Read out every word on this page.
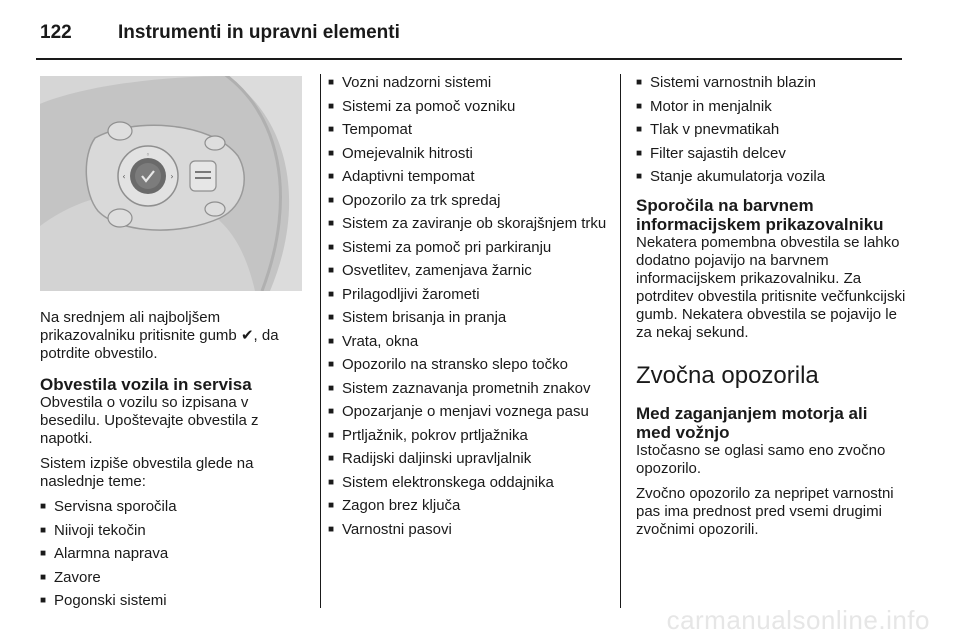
122	Instrumenti in upravni elementi
◦
‹	›

Na srednjem ali najboljšem prikazovalniku pritisnite gumb ✔, da potrdite obvestilo.

Obvestila vozila in servisa

Obvestila o vozilu so izpisana v besedilu. Upoštevajte obvestila z napotki.

Sistem izpiše obvestila glede na naslednje teme:

■ Servisna sporočila
■ Niivoji tekočin
■ Alarmna naprava
■ Zavore
■ Pogonski sistemi
■ Vozni nadzorni sistemi
■ Sistemi za pomoč vozniku
■ Tempomat
■ Omejevalnik hitrosti
■ Adaptivni tempomat
■ Opozorilo za trk spredaj
■ Sistem za zaviranje ob skorajšnjem trku
■ Sistemi za pomoč pri parkiranju
■ Osvetlitev, zamenjava žarnic
■ Prilagodljivi žarometi
■ Sistem brisanja in pranja
■ Vrata, okna
■ Opozorilo na stransko slepo točko
■ Sistem zaznavanja prometnih znakov
■ Opozarjanje o menjavi voznega pasu
■ Prtljažnik, pokrov prtljažnika
■ Radijski daljinski upravljalnik
■ Sistem elektronskega oddajnika
■ Zagon brez ključa
■ Varnostni pasovi
■ Sistemi varnostnih blazin
■ Motor in menjalnik
■ Tlak v pnevmatikah
■ Filter sajastih delcev
■ Stanje akumulatorja vozila
Sporočila na barvnem informacijskem prikazovalniku

Nekatera pomembna obvestila se lahko dodatno pojavijo na barvnem informacijskem prikazovalniku. Za potrditev obvestila pritisnite večfunkcijski gumb. Nekatera obvestila se pojavijo le za nekaj sekund.

Zvočna opozorila
Med zaganjanjem motorja ali med vožnjo

Istočasno se oglasi samo eno zvočno opozorilo.

Zvočno opozorilo za nepripet varnostni pas ima prednost pred vsemi drugimi zvočnimi opozorili.

carmanualsonline.info
